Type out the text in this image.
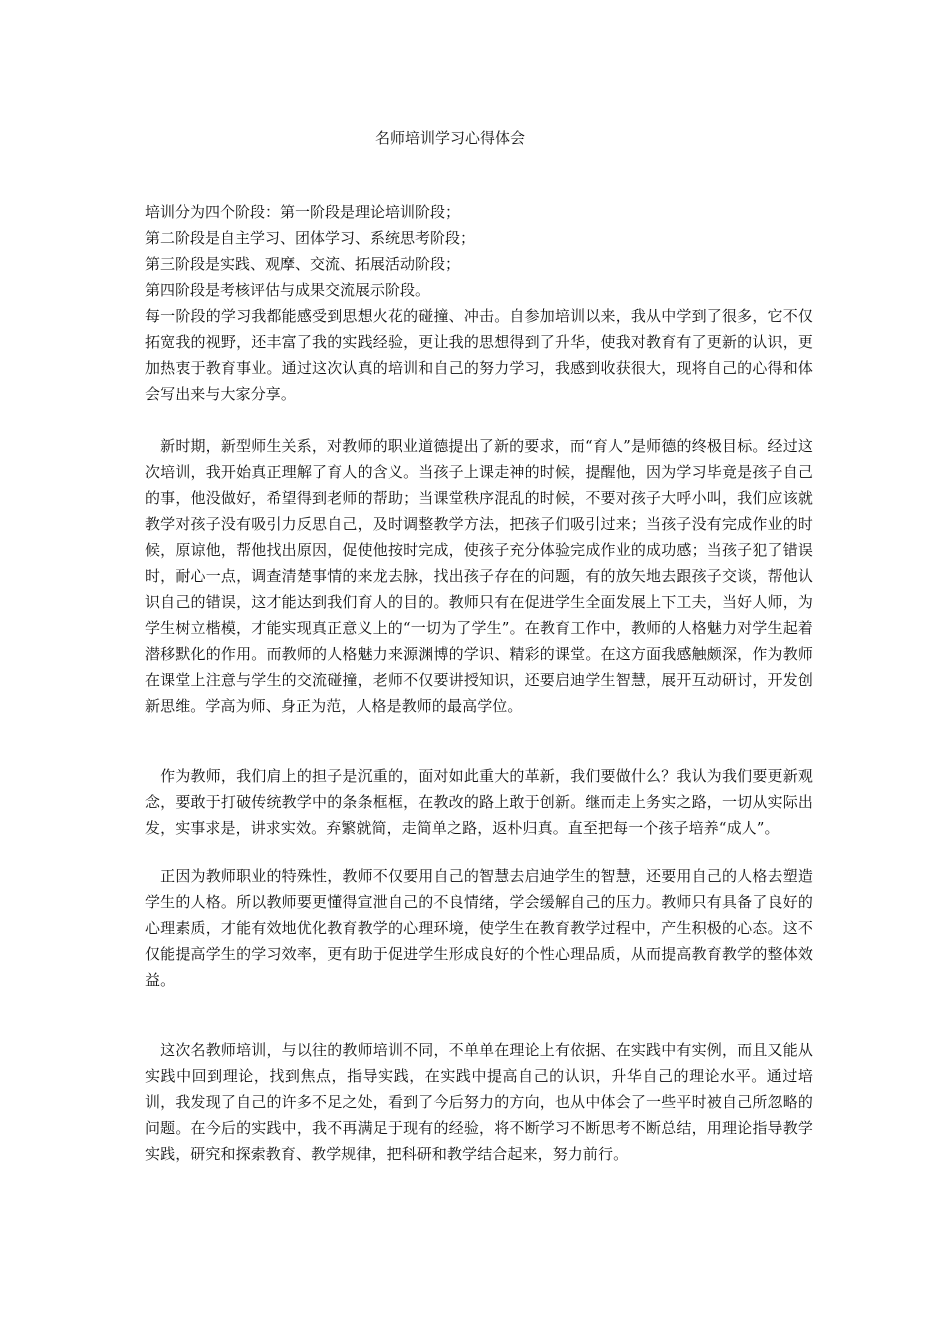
名师培训学习心得体会

培训分为四个阶段：第一阶段是理论培训阶段；

第二阶段是自主学习、团体学习、系统思考阶段；

第三阶段是实践、观摩、交流、拓展活动阶段；

第四阶段是考核评估与成果交流展示阶段。

每一阶段的学习我都能感受到思想火花的碰撞、冲击。自参加培训以来，我从中学到了很多，它不仅拓宽我的视野，还丰富了我的实践经验，更让我的思想得到了升华，使我对教育有了更新的认识，更加热衷于教育事业。通过这次认真的培训和自己的努力学习，我感到收获很大，现将自己的心得和体会写出来与大家分享。

　新时期，新型师生关系，对教师的职业道德提出了新的要求，而“育人”是师德的终极目标。经过这次培训，我开始真正理解了育人的含义。当孩子上课走神的时候，提醒他，因为学习毕竟是孩子自己的事，他没做好，希望得到老师的帮助；当课堂秩序混乱的时候，不要对孩子大呼小叫，我们应该就教学对孩子没有吸引力反思自己，及时调整教学方法，把孩子们吸引过来；当孩子没有完成作业的时候，原谅他，帮他找出原因，促使他按时完成，使孩子充分体验完成作业的成功感；当孩子犯了错误时，耐心一点，调查清楚事情的来龙去脉，找出孩子存在的问题，有的放矢地去跟孩子交谈，帮他认识自己的错误，这才能达到我们育人的目的。教师只有在促进学生全面发展上下工夫，当好人师，为学生树立楷模，才能实现真正意义上的“一切为了学生”。在教育工作中，教师的人格魅力对学生起着潜移默化的作用。而教师的人格魅力来源渊博的学识、精彩的课堂。在这方面我感触颇深，作为教师在课堂上注意与学生的交流碰撞，老师不仅要讲授知识，还要启迪学生智慧，展开互动研讨，开发创新思维。学高为师、身正为范，人格是教师的最高学位。

　作为教师，我们肩上的担子是沉重的，面对如此重大的革新，我们要做什么？我认为我们要更新观念，要敢于打破传统教学中的条条框框，在教改的路上敢于创新。继而走上务实之路，一切从实际出发，实事求是，讲求实效。弃繁就简，走简单之路，返朴归真。直至把每一个孩子培养“成人”。

　正因为教师职业的特殊性，教师不仅要用自己的智慧去启迪学生的智慧，还要用自己的人格去塑造学生的人格。所以教师要更懂得宣泄自己的不良情绪，学会缓解自己的压力。教师只有具备了良好的心理素质，才能有效地优化教育教学的心理环境，使学生在教育教学过程中，产生积极的心态。这不仅能提高学生的学习效率，更有助于促进学生形成良好的个性心理品质，从而提高教育教学的整体效益。

　这次名教师培训，与以往的教师培训不同，不单单在理论上有依据、在实践中有实例，而且又能从实践中回到理论，找到焦点，指导实践，在实践中提高自己的认识，升华自己的理论水平。通过培训，我发现了自己的许多不足之处，看到了今后努力的方向，也从中体会了一些平时被自己所忽略的问题。在今后的实践中，我不再满足于现有的经验，将不断学习不断思考不断总结，用理论指导教学实践，研究和探索教育、教学规律，把科研和教学结合起来，努力前行。
